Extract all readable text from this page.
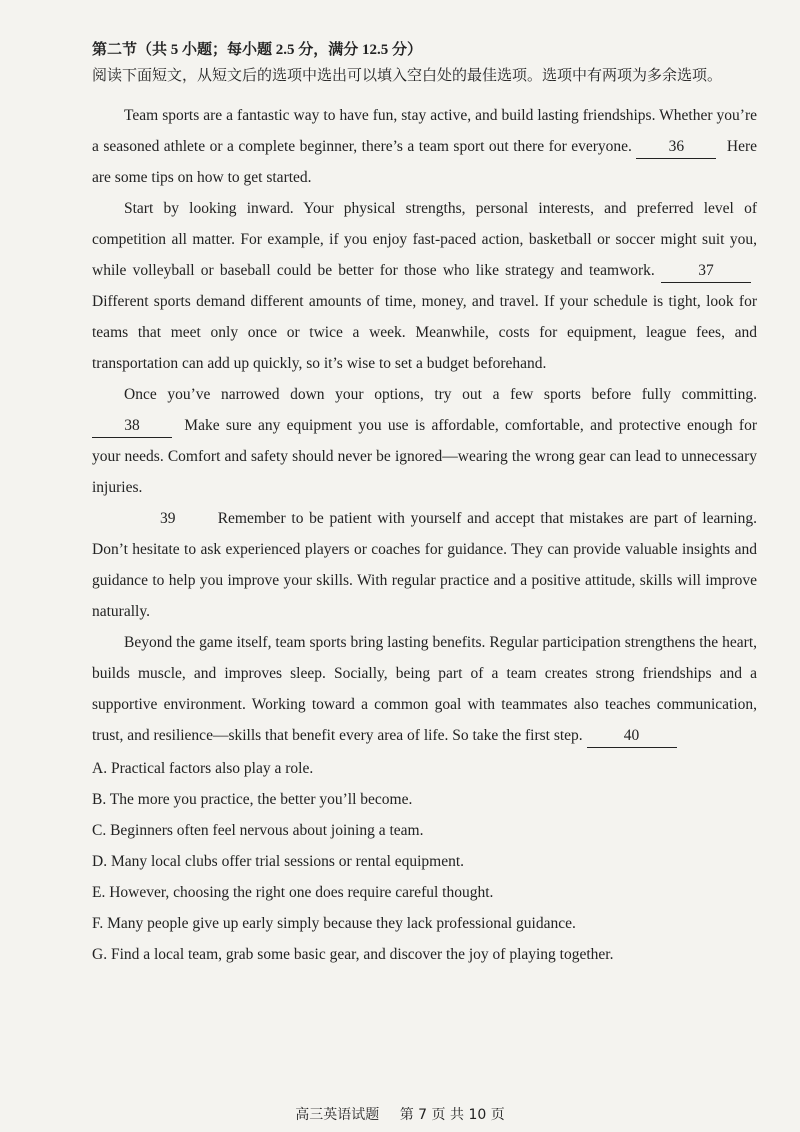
第二节（共 5 小题；每小题 2.5 分，满分 12.5 分）
阅读下面短文，从短文后的选项中选出可以填入空白处的最佳选项。选项中有两项为多余选项。
Team sports are a fantastic way to have fun, stay active, and build lasting friendships. Whether you’re a seasoned athlete or a complete beginner, there’s a team sport out there for everyone. 36 Here are some tips on how to get started.
Start by looking inward. Your physical strengths, personal interests, and preferred level of competition all matter. For example, if you enjoy fast-paced action, basketball or soccer might suit you, while volleyball or baseball could be better for those who like strategy and teamwork. 37 Different sports demand different amounts of time, money, and travel. If your schedule is tight, look for teams that meet only once or twice a week. Meanwhile, costs for equipment, league fees, and transportation can add up quickly, so it’s wise to set a budget beforehand.
Once you’ve narrowed down your options, try out a few sports before fully committing. 38 Make sure any equipment you use is affordable, comfortable, and protective enough for your needs. Comfort and safety should never be ignored—wearing the wrong gear can lead to unnecessary injuries.
39 Remember to be patient with yourself and accept that mistakes are part of learning. Don’t hesitate to ask experienced players or coaches for guidance. They can provide valuable insights and guidance to help you improve your skills. With regular practice and a positive attitude, skills will improve naturally.
Beyond the game itself, team sports bring lasting benefits. Regular participation strengthens the heart, builds muscle, and improves sleep. Socially, being part of a team creates strong friendships and a supportive environment. Working toward a common goal with teammates also teaches communication, trust, and resilience—skills that benefit every area of life. So take the first step. 40
A. Practical factors also play a role.
B. The more you practice, the better you’ll become.
C. Beginners often feel nervous about joining a team.
D. Many local clubs offer trial sessions or rental equipment.
E. However, choosing the right one does require careful thought.
F. Many people give up early simply because they lack professional guidance.
G. Find a local team, grab some basic gear, and discover the joy of playing together.
高三英语试题 第 7 页 共 10 页
